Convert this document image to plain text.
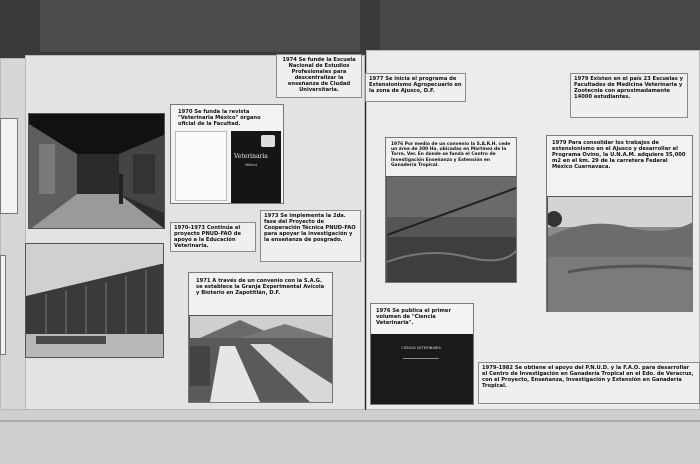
1974 Se funde la Escuela Nacional de Estudios Profesionales para descentralizar la enseñanza de Ciudad Universitaria.
1977 Se inicia el programa de Extensionismo Agropecuario en la zona de Ajusco, D.F.
1979 Existen en el país 23 Escuelas y Facultades de Medicina Veterinaria y Zootecnia con aproximadamente 14000 estudiantes.
Veterinaria
México
1970 Se funda la revista "Veterinaria México" órgano oficial de la Facultad.
1970-1973 Continúa el proyecto PNUD-FAO de apoyo a la Educación Veterinaria.
1973 Se implementa la 2da. fase del Proyecto de Cooperación Técnica PNUD-FAO para apoyar la investigación y la enseñanza de posgrado.
1971 A través de un convenio con la S.A.G. se establece la Granja Experimental Avícola y Bioterio en Zapotitlán, D.F.
1976 Por medio de un convenio la S.A.R.H. cede un área de 300 Ha. ubicadas en Martínez de la Torre, Ver. En donde se funda el Centro de Investigación Enseñanza y Extensión en Ganadería Tropical.
1979 Para consolidar los trabajos de extensionismo en el Ajusco y desarrollar el Programa Ovino, la U.N.A.M. adquiere 35,000 m2 en el km. 29 de la carretera Federal México Cuernavaca.
1976 Se publica el primer volumen de "Ciencia Veterinaria".
CIENCIA VETERINARIA
1979-1982 Se obtiene el apoyo del P.N.U.D. y la F.A.O. para desarrollar el Centro de Investigación en Ganadería Tropical en el Edo. de Veracruz, con el Proyecto, Enseñanza, Investigación y Extensión en Ganadería Tropical.
